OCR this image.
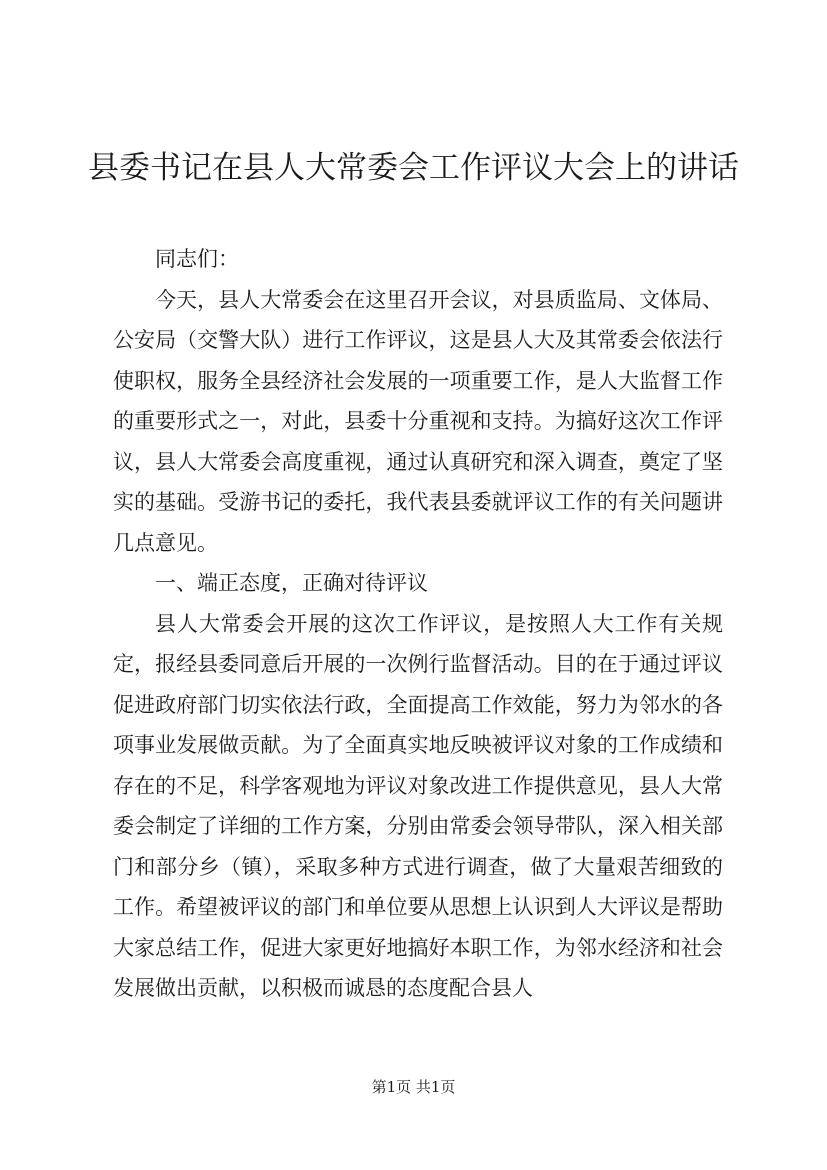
县委书记在县人大常委会工作评议大会上的讲话

同志们：

今天，县人大常委会在这里召开会议，对县质监局、文体局、公安局（交警大队）进行工作评议，这是县人大及其常委会依法行使职权，服务全县经济社会发展的一项重要工作，是人大监督工作的重要形式之一，对此，县委十分重视和支持。为搞好这次工作评议，县人大常委会高度重视，通过认真研究和深入调查，奠定了坚实的基础。受游书记的委托，我代表县委就评议工作的有关问题讲几点意见。

一、端正态度，正确对待评议

县人大常委会开展的这次工作评议，是按照人大工作有关规定，报经县委同意后开展的一次例行监督活动。目的在于通过评议促进政府部门切实依法行政，全面提高工作效能，努力为邻水的各项事业发展做贡献。为了全面真实地反映被评议对象的工作成绩和存在的不足，科学客观地为评议对象改进工作提供意见，县人大常委会制定了详细的工作方案，分别由常委会领导带队，深入相关部门和部分乡（镇），采取多种方式进行调查，做了大量艰苦细致的工作。希望被评议的部门和单位要从思想上认识到人大评议是帮助大家总结工作，促进大家更好地搞好本职工作，为邻水经济和社会发展做出贡献，以积极而诚恳的态度配合县人

第1页 共1页
